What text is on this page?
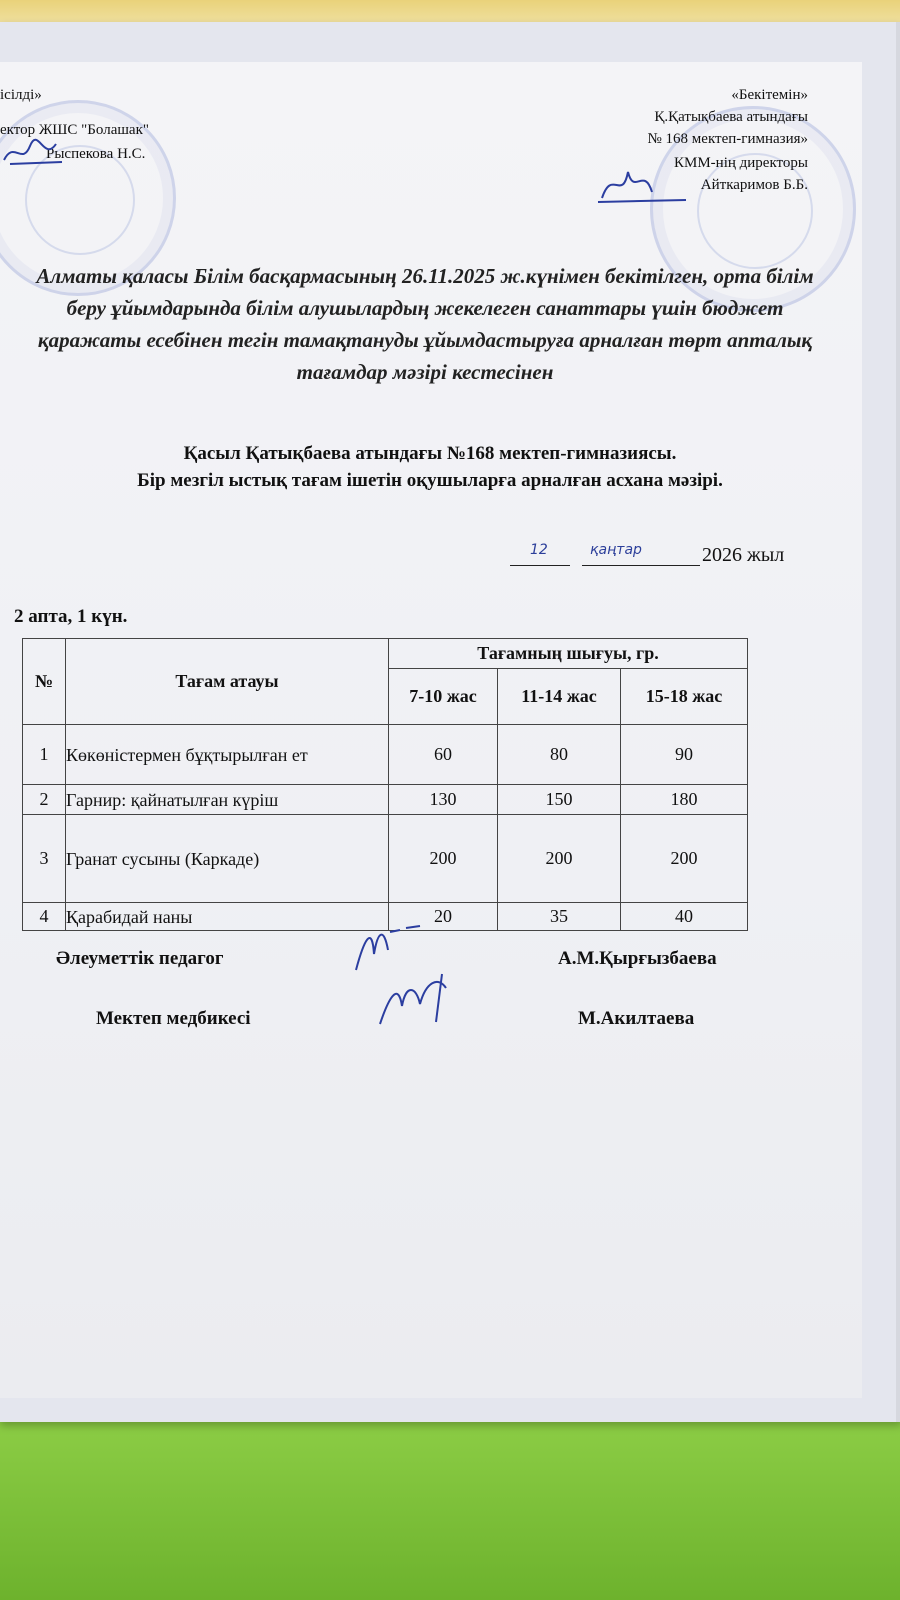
ісілді»
ектор ЖШС "Болашак"
Рыспекова Н.С.
«Бекітемін»
Қ.Қатықбаева атындағы
№ 168 мектеп-гимназия»
КММ-нің директоры
Айткаримов Б.Б.
Алматы қаласы Білім басқармасының 26.11.2025 ж.күнімен бекітілген, орта білім беру ұйымдарында білім алушылардың жекелеген санаттары үшін бюджет қаражаты есебінен тегін тамақтануды ұйымдастыруға арналған төрт апталық тағамдар мәзірі кестесінен
Қасыл Қатықбаева атындағы №168 мектеп-гимназиясы.
Бір мезгіл ыстық тағам ішетін оқушыларға арналған асхана мәзірі.
12	қаңтар	2026 жыл
2 апта, 1 күн.
№	Тағам атауы	Тағамның шығуы, гр.		
		7-10 жас	11-14 жас	15-18 жас
1	Көкөністермен бұқтырылған ет	60	80	90
2	Гарнир: қайнатылған күріш	130	150	180
3	Гранат сусыны (Каркаде)	200	200	200
4	Қарабидай наны	20	35	40
Әлеуметтік педагог	А.М.Қырғызбаева
Мектеп медбикесі	М.Акилтаева
